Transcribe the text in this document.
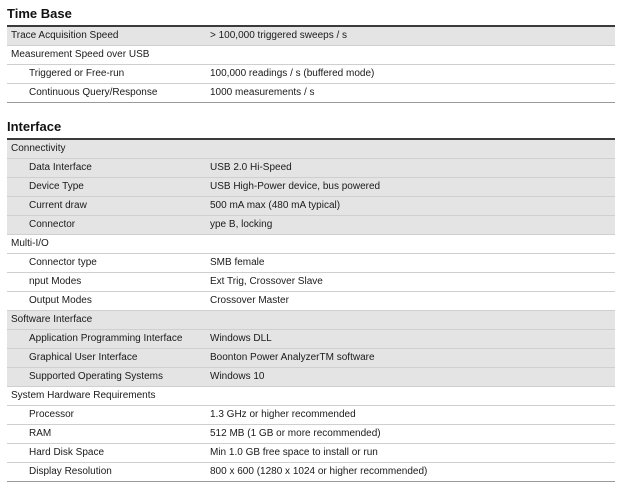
Time Base
Trace Acquisition Speed	> 100,000 triggered sweeps / s
Measurement Speed over USB	
Triggered or Free-run	100,000 readings / s (buffered mode)
Continuous Query/Response	1000 measurements / s
Interface
Connectivity	
Data Interface	USB 2.0 Hi-Speed
Device Type	USB High-Power device, bus powered
Current draw	500 mA max (480 mA typical)
Connector	ype B, locking
Multi-I/O	
Connector type	SMB female
nput Modes	Ext Trig, Crossover Slave
Output Modes	Crossover Master
Software Interface	
Application Programming Interface	Windows DLL
Graphical User Interface	Boonton Power AnalyzerTM software
Supported Operating Systems	Windows 10
System Hardware Requirements	
Processor	1.3 GHz or higher recommended
RAM	512 MB (1 GB or more recommended)
Hard Disk Space	Min 1.0 GB free space to install or run
Display Resolution	800 x 600 (1280 x 1024 or higher recommended)
